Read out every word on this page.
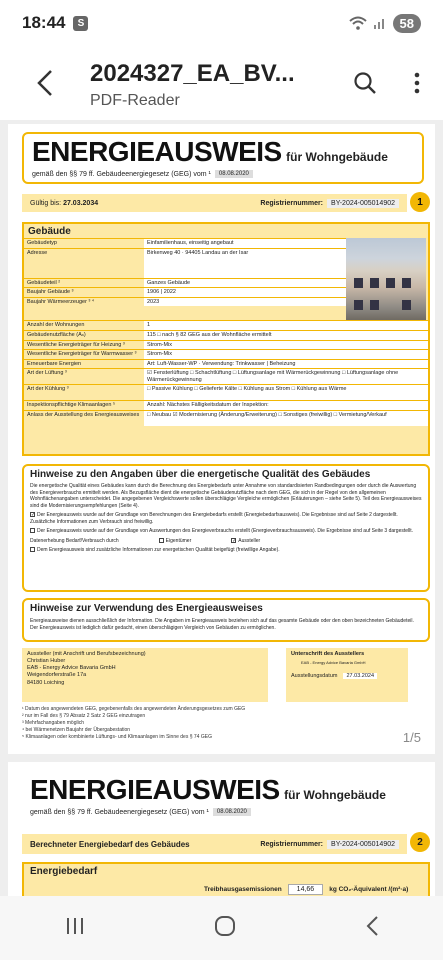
18:44	S	58
2024327_EA_BV...
PDF-Reader
ENERGIEAUSWEIS für Wohngebäude
gemäß den §§ 79 ff. Gebäudeenergiegesetz (GEG) vom ¹	08.08.2020
Gültig bis:
27.03.2034	Registriernummer:	BY-2024-005014902	1
Gebäude
Gebäudetyp	Einfamilienhaus, einseitig angebaut
Adresse	Birkenweg 40 · 94405 Landau an der Isar
Gebäudeteil ²	Ganzes Gebäude
Baujahr Gebäude ³	1906 | 2022
Baujahr Wärmeerzeuger ³ ⁴	2023
Anzahl der Wohnungen	1
Gebäudenutzfläche (Aₙ)	115 □ nach § 82 GEG aus der Wohnfläche ermittelt
Wesentliche Energieträger für Heizung ³	Strom-Mix
Wesentliche Energieträger für Warmwasser ³	Strom-Mix
Erneuerbare Energien	Art: Luft-Wasser-WP · Verwendung: Trinkwasser | Beheizung
Art der Lüftung ³	☑ Fensterlüftung □ Schachtlüftung □ Lüftungsanlage mit Wärmerückgewinnung □ Lüftungsanlage ohne Wärmerückgewinnung
Art der Kühlung ³	□ Passive Kühlung □ Gelieferte Kälte □ Kühlung aus Strom □ Kühlung aus Wärme
Inspektionspflichtige Klimaanlagen ⁵	Anzahl: Nächstes Fälligkeitsdatum der Inspektion:
Anlass der Ausstellung des Energieausweises	□ Neubau ☑ Modernisierung (Änderung/Erweiterung) □ Sonstiges (freiwillig) □ Vermietung/Verkauf
Hinweise zu den Angaben über die energetische Qualität des Gebäudes

Die energetische Qualität eines Gebäudes kann durch die Berechnung des Energiebedarfs unter Annahme von standardisierten Randbedingungen oder durch die Auswertung des Energieverbrauchs ermittelt werden. Als Bezugsfläche dient die energetische Gebäudenutzfläche nach dem GEG, die sich in der Regel von den allgemeinen Wohnflächenangaben unterscheidet. Die angegebenen Vergleichswerte sollen überschlägige Vergleiche ermöglichen (Erläuterungen – siehe Seite 5). Teil des Energieausweises sind die Modernisierungsempfehlungen (Seite 4).

✓ Der Energieausweis wurde auf der Grundlage von Berechnungen des Energiebedarfs erstellt (Energiebedarfsausweis). Die Ergebnisse sind auf Seite 2 dargestellt. Zusätzliche Informationen zum Verbrauch sind freiwillig.

Der Energieausweis wurde auf der Grundlage von Auswertungen des Energieverbrauchs erstellt (Energieverbrauchsausweis). Die Ergebnisse sind auf Seite 3 dargestellt.

Datenerhebung Bedarf/Verbrauch durch	Eigentümer	✓ Aussteller

Dem Energieausweis sind zusätzliche Informationen zur energetischen Qualität beigefügt (freiwillige Angabe).

Hinweise zur Verwendung des Energieausweises

Energieausweise dienen ausschließlich der Information. Die Angaben im Energieausweis beziehen sich auf das gesamte Gebäude oder den oben bezeichneten Gebäudeteil. Der Energieausweis ist lediglich dafür gedacht, einen überschlägigen Vergleich von Gebäuden zu ermöglichen.

Aussteller (mit Anschrift und Berufsbezeichnung)
Christian Huber
EAB - Energy Advice Bavaria GmbH
Weigendorferstraße 17a
84180 Loiching
Unterschrift des Ausstellers
EAB - Energy Advice Bavaria GmbH
Ausstellungsdatum	27.03.2024
¹ Datum des angewendeten GEG, gegebenenfalls des angewendeten Änderungsgesetzes zum GEG
² nur im Fall des § 79 Absatz 2 Satz 2 GEG einzutragen
³ Mehrfachangaben möglich
⁴ bei Wärmenetzen Baujahr der Übergabestation
⁵ Klimaanlagen oder kombinierte Lüftungs- und Klimaanlagen im Sinne des § 74 GEG	1/5
ENERGIEAUSWEIS für Wohngebäude
gemäß den §§ 79 ff. Gebäudeenergiegesetz (GEG) vom ¹	08.08.2020
Berechneter Energiebedarf des Gebäudes	Registriernummer:	BY-2024-005014902	2
Energiebedarf
Treibhausgasemissionen	14,66	kg CO₂-Äquivalent /(m²·a)
